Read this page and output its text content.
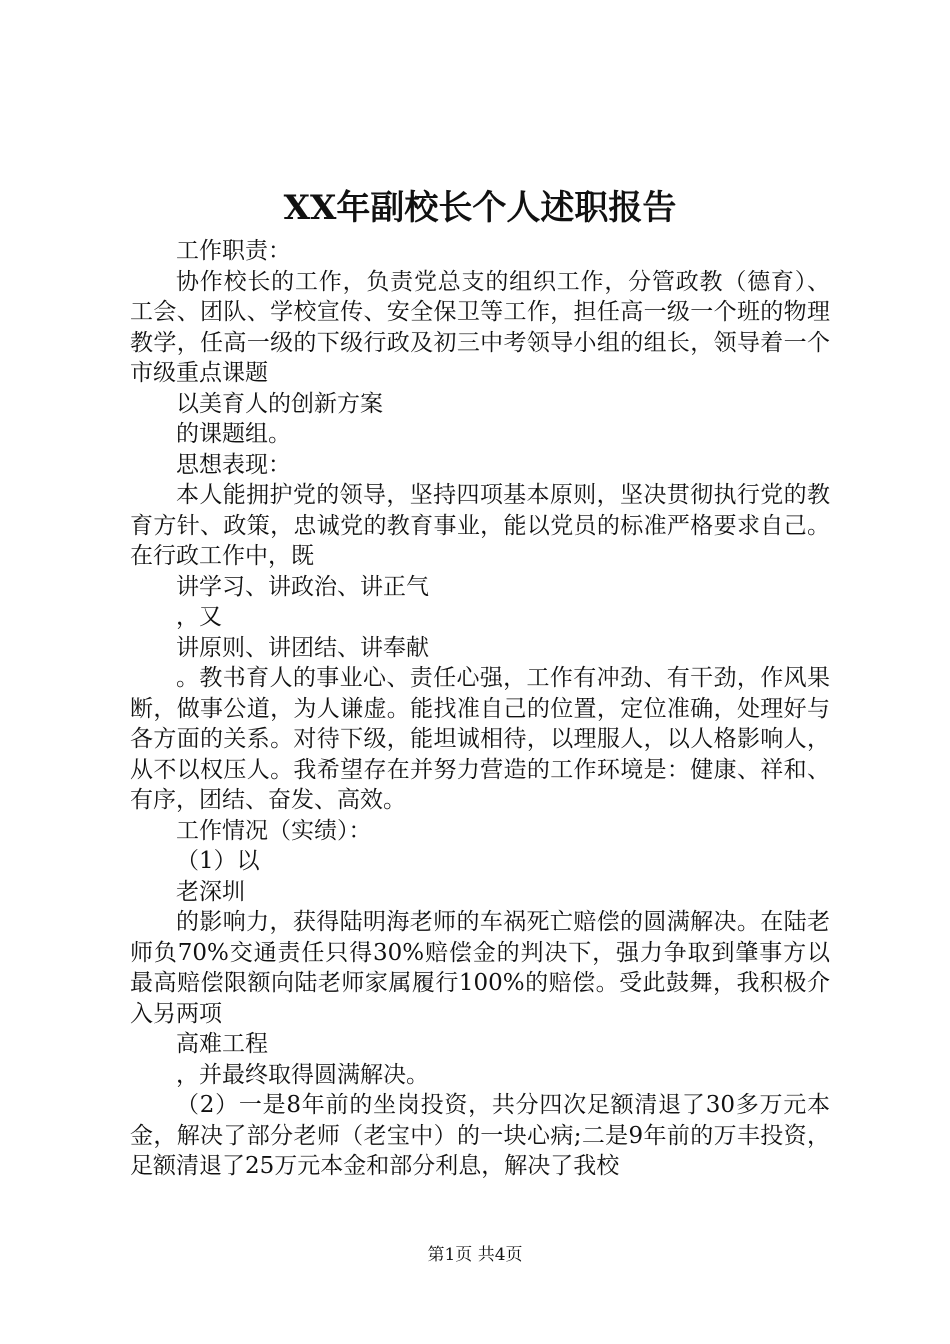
XX年副校长个人述职报告

工作职责：

协作校长的工作，负责党总支的组织工作，分管政教（德育）、工会、团队、学校宣传、安全保卫等工作，担任高一级一个班的物理教学，任高一级的下级行政及初三中考领导小组的组长，领导着一个市级重点课题

以美育人的创新方案

的课题组。

思想表现：

本人能拥护党的领导，坚持四项基本原则，坚决贯彻执行党的教育方针、政策，忠诚党的教育事业，能以党员的标准严格要求自己。在行政工作中，既

讲学习、讲政治、讲正气

，又

讲原则、讲团结、讲奉献

。教书育人的事业心、责任心强，工作有冲劲、有干劲，作风果断，做事公道，为人谦虚。能找准自己的位置，定位准确，处理好与各方面的关系。对待下级，能坦诚相待，以理服人，以人格影响人，从不以权压人。我希望存在并努力营造的工作环境是：健康、祥和、有序，团结、奋发、高效。

工作情况（实绩）：

（1）以

老深圳

的影响力，获得陆明海老师的车祸死亡赔偿的圆满解决。在陆老师负70%交通责任只得30%赔偿金的判决下，强力争取到肇事方以最高赔偿限额向陆老师家属履行100%的赔偿。受此鼓舞，我积极介入另两项

高难工程

，并最终取得圆满解决。

（2）一是8年前的坐岗投资，共分四次足额清退了30多万元本金，解决了部分老师（老宝中）的一块心病;二是9年前的万丰投资，足额清退了25万元本金和部分利息，解决了我校

第1页 共4页
